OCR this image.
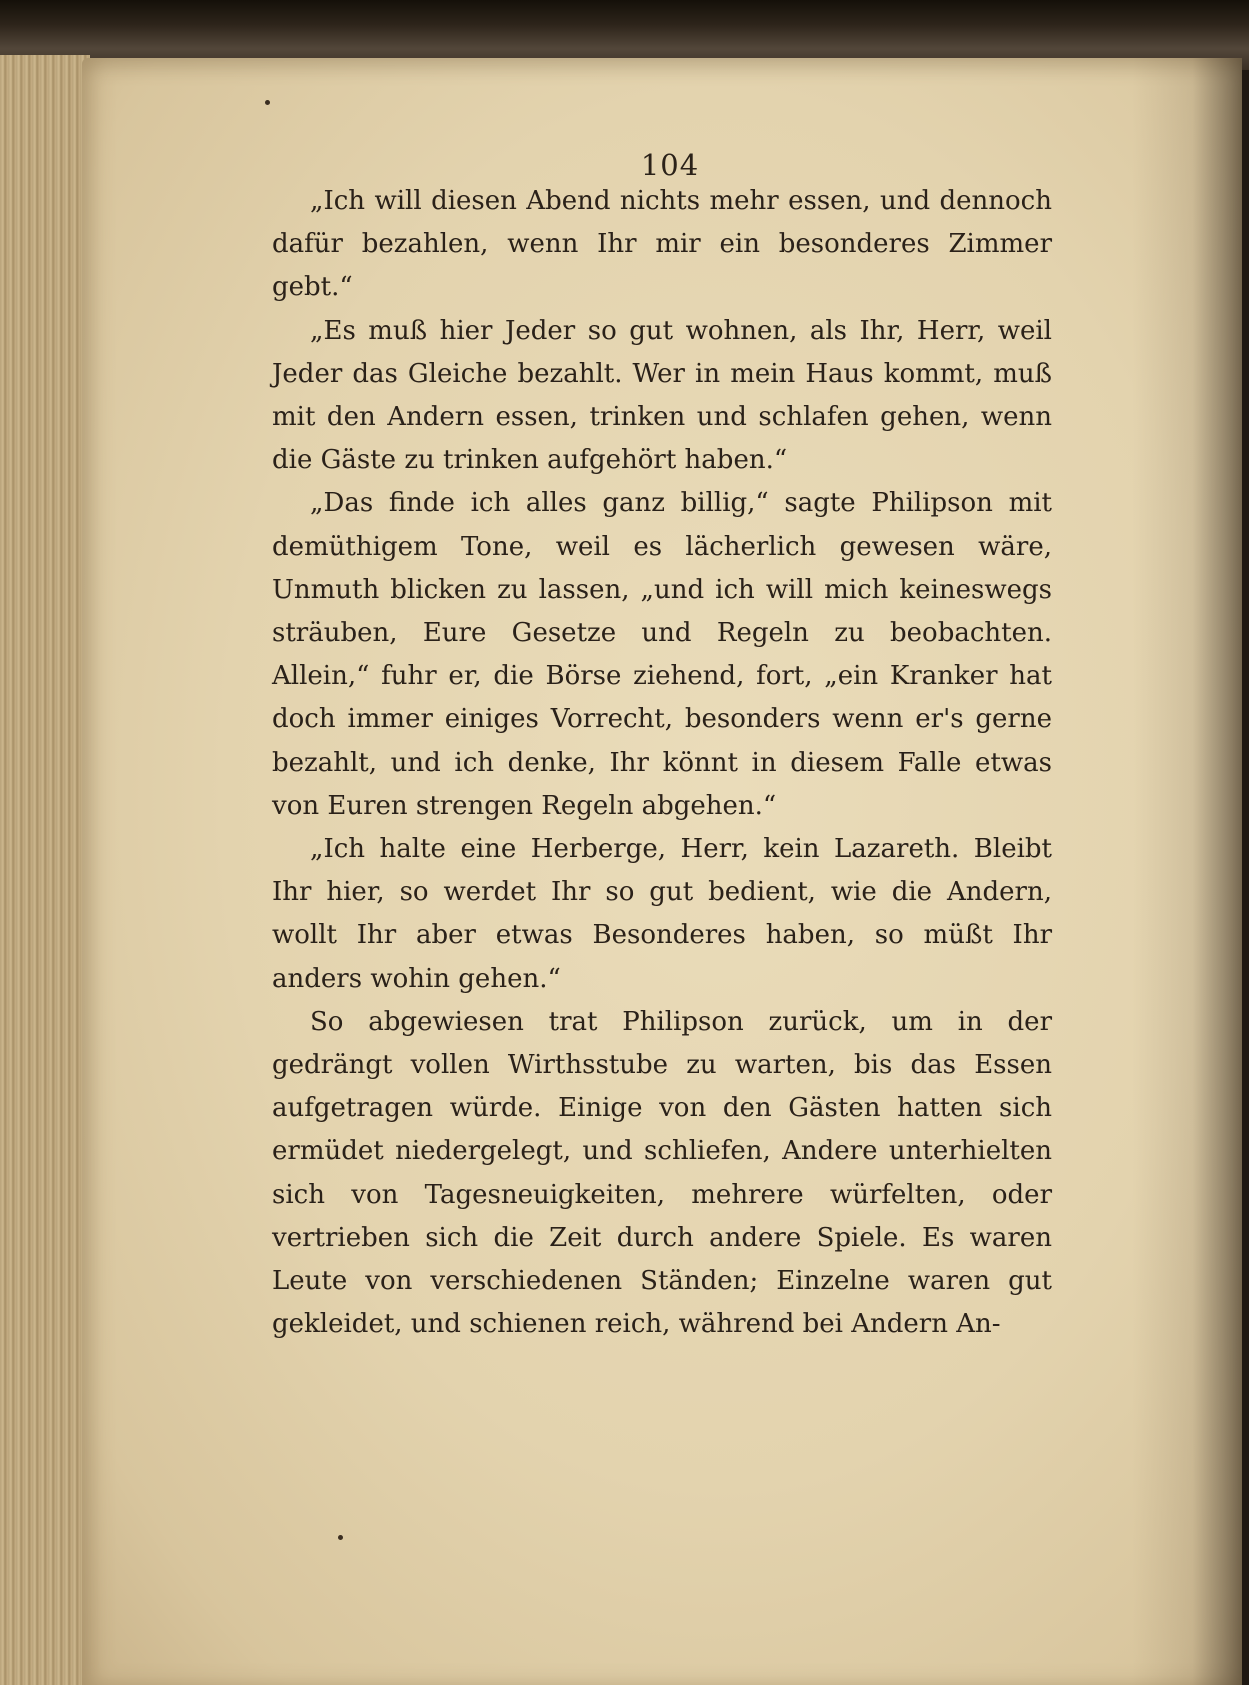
104

„Ich will diesen Abend nichts mehr essen, und dennoch dafür bezahlen, wenn Ihr mir ein besonderes Zimmer gebt.“

„Es muß hier Jeder so gut wohnen, als Ihr, Herr, weil Jeder das Gleiche bezahlt. Wer in mein Haus kommt, muß mit den Andern essen, trinken und schlafen gehen, wenn die Gäste zu trinken aufgehört haben.“

„Das finde ich alles ganz billig,“ sagte Philipson mit demüthigem Tone, weil es lächerlich gewesen wäre, Unmuth blicken zu lassen, „und ich will mich keineswegs sträuben, Eure Gesetze und Regeln zu beobachten. Allein,“ fuhr er, die Börse ziehend, fort, „ein Kranker hat doch immer einiges Vorrecht, besonders wenn er's gerne bezahlt, und ich denke, Ihr könnt in diesem Falle etwas von Euren strengen Regeln abgehen.“

„Ich halte eine Herberge, Herr, kein Lazareth. Bleibt Ihr hier, so werdet Ihr so gut bedient, wie die Andern, wollt Ihr aber etwas Besonderes haben, so müßt Ihr anders wohin gehen.“

So abgewiesen trat Philipson zurück, um in der gedrängt vollen Wirthsstube zu warten, bis das Essen aufgetragen würde. Einige von den Gästen hatten sich ermüdet niedergelegt, und schliefen, Andere unterhielten sich von Tagesneuigkeiten, mehrere würfelten, oder vertrieben sich die Zeit durch andere Spiele. Es waren Leute von verschiedenen Ständen; Einzelne waren gut gekleidet, und schienen reich, während bei Andern An-
